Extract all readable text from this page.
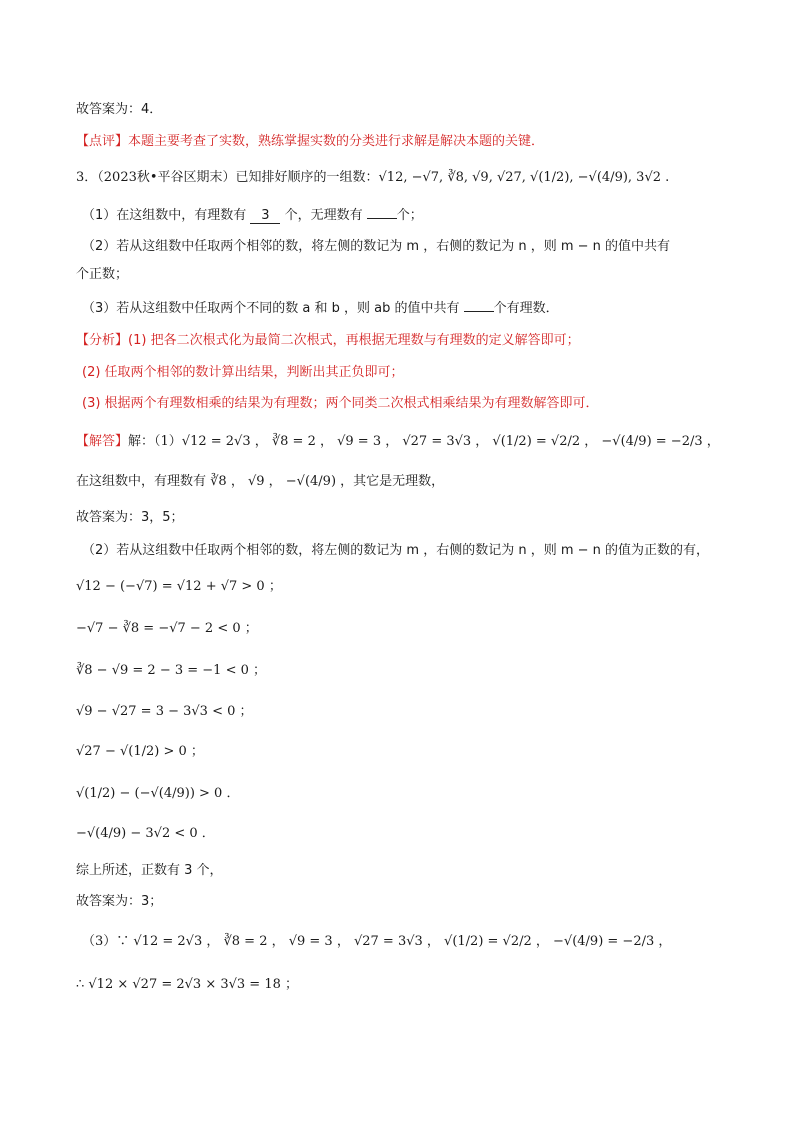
故答案为：4．
【点评】本题主要考查了实数，熟练掌握实数的分类进行求解是解决本题的关键．
3．（2023秋•平谷区期末）已知排好顺序的一组数：√12, −√7, ∛8, √9, √27, √(1/2), −√(4/9), 3√2 .
（1）在这组数中，有理数有 3 个，无理数有	个；
（2）若从这组数中任取两个相邻的数，将左侧的数记为 m ，右侧的数记为 n ，则 m − n 的值中共有
个正数；
（3）若从这组数中任取两个不同的数 a 和 b ，则 ab 的值中共有	个有理数．
【分析】(1) 把各二次根式化为最简二次根式，再根据无理数与有理数的定义解答即可；
(2) 任取两个相邻的数计算出结果，判断出其正负即可；
(3) 根据两个有理数相乘的结果为有理数；两个同类二次根式相乘结果为有理数解答即可．
【解答】解：（1）√12 = 2√3 ， ∛8 = 2 ， √9 = 3 ， √27 = 3√3 ， √(1/2) = √2/2 ， −√(4/9) = −2/3 ，
在这组数中，有理数有 ∛8 ， √9 ， −√(4/9) ，其它是无理数，
故答案为：3，5；
（2）若从这组数中任取两个相邻的数，将左侧的数记为 m ，右侧的数记为 n ，则 m − n 的值为正数的有，
√12 − (−√7) = √12 + √7 > 0 ；
−√7 − ∛8 = −√7 − 2 < 0 ；
∛8 − √9 = 2 − 3 = −1 < 0 ；
√9 − √27 = 3 − 3√3 < 0 ；
√27 − √(1/2) > 0 ；
√(1/2) − (−√(4/9)) > 0 ．
−√(4/9) − 3√2 < 0 ．
综上所述，正数有 3 个，
故答案为：3；
（3）∵ √12 = 2√3 ， ∛8 = 2 ， √9 = 3 ， √27 = 3√3 ， √(1/2) = √2/2 ， −√(4/9) = −2/3 ，
∴ √12 × √27 = 2√3 × 3√3 = 18 ；
